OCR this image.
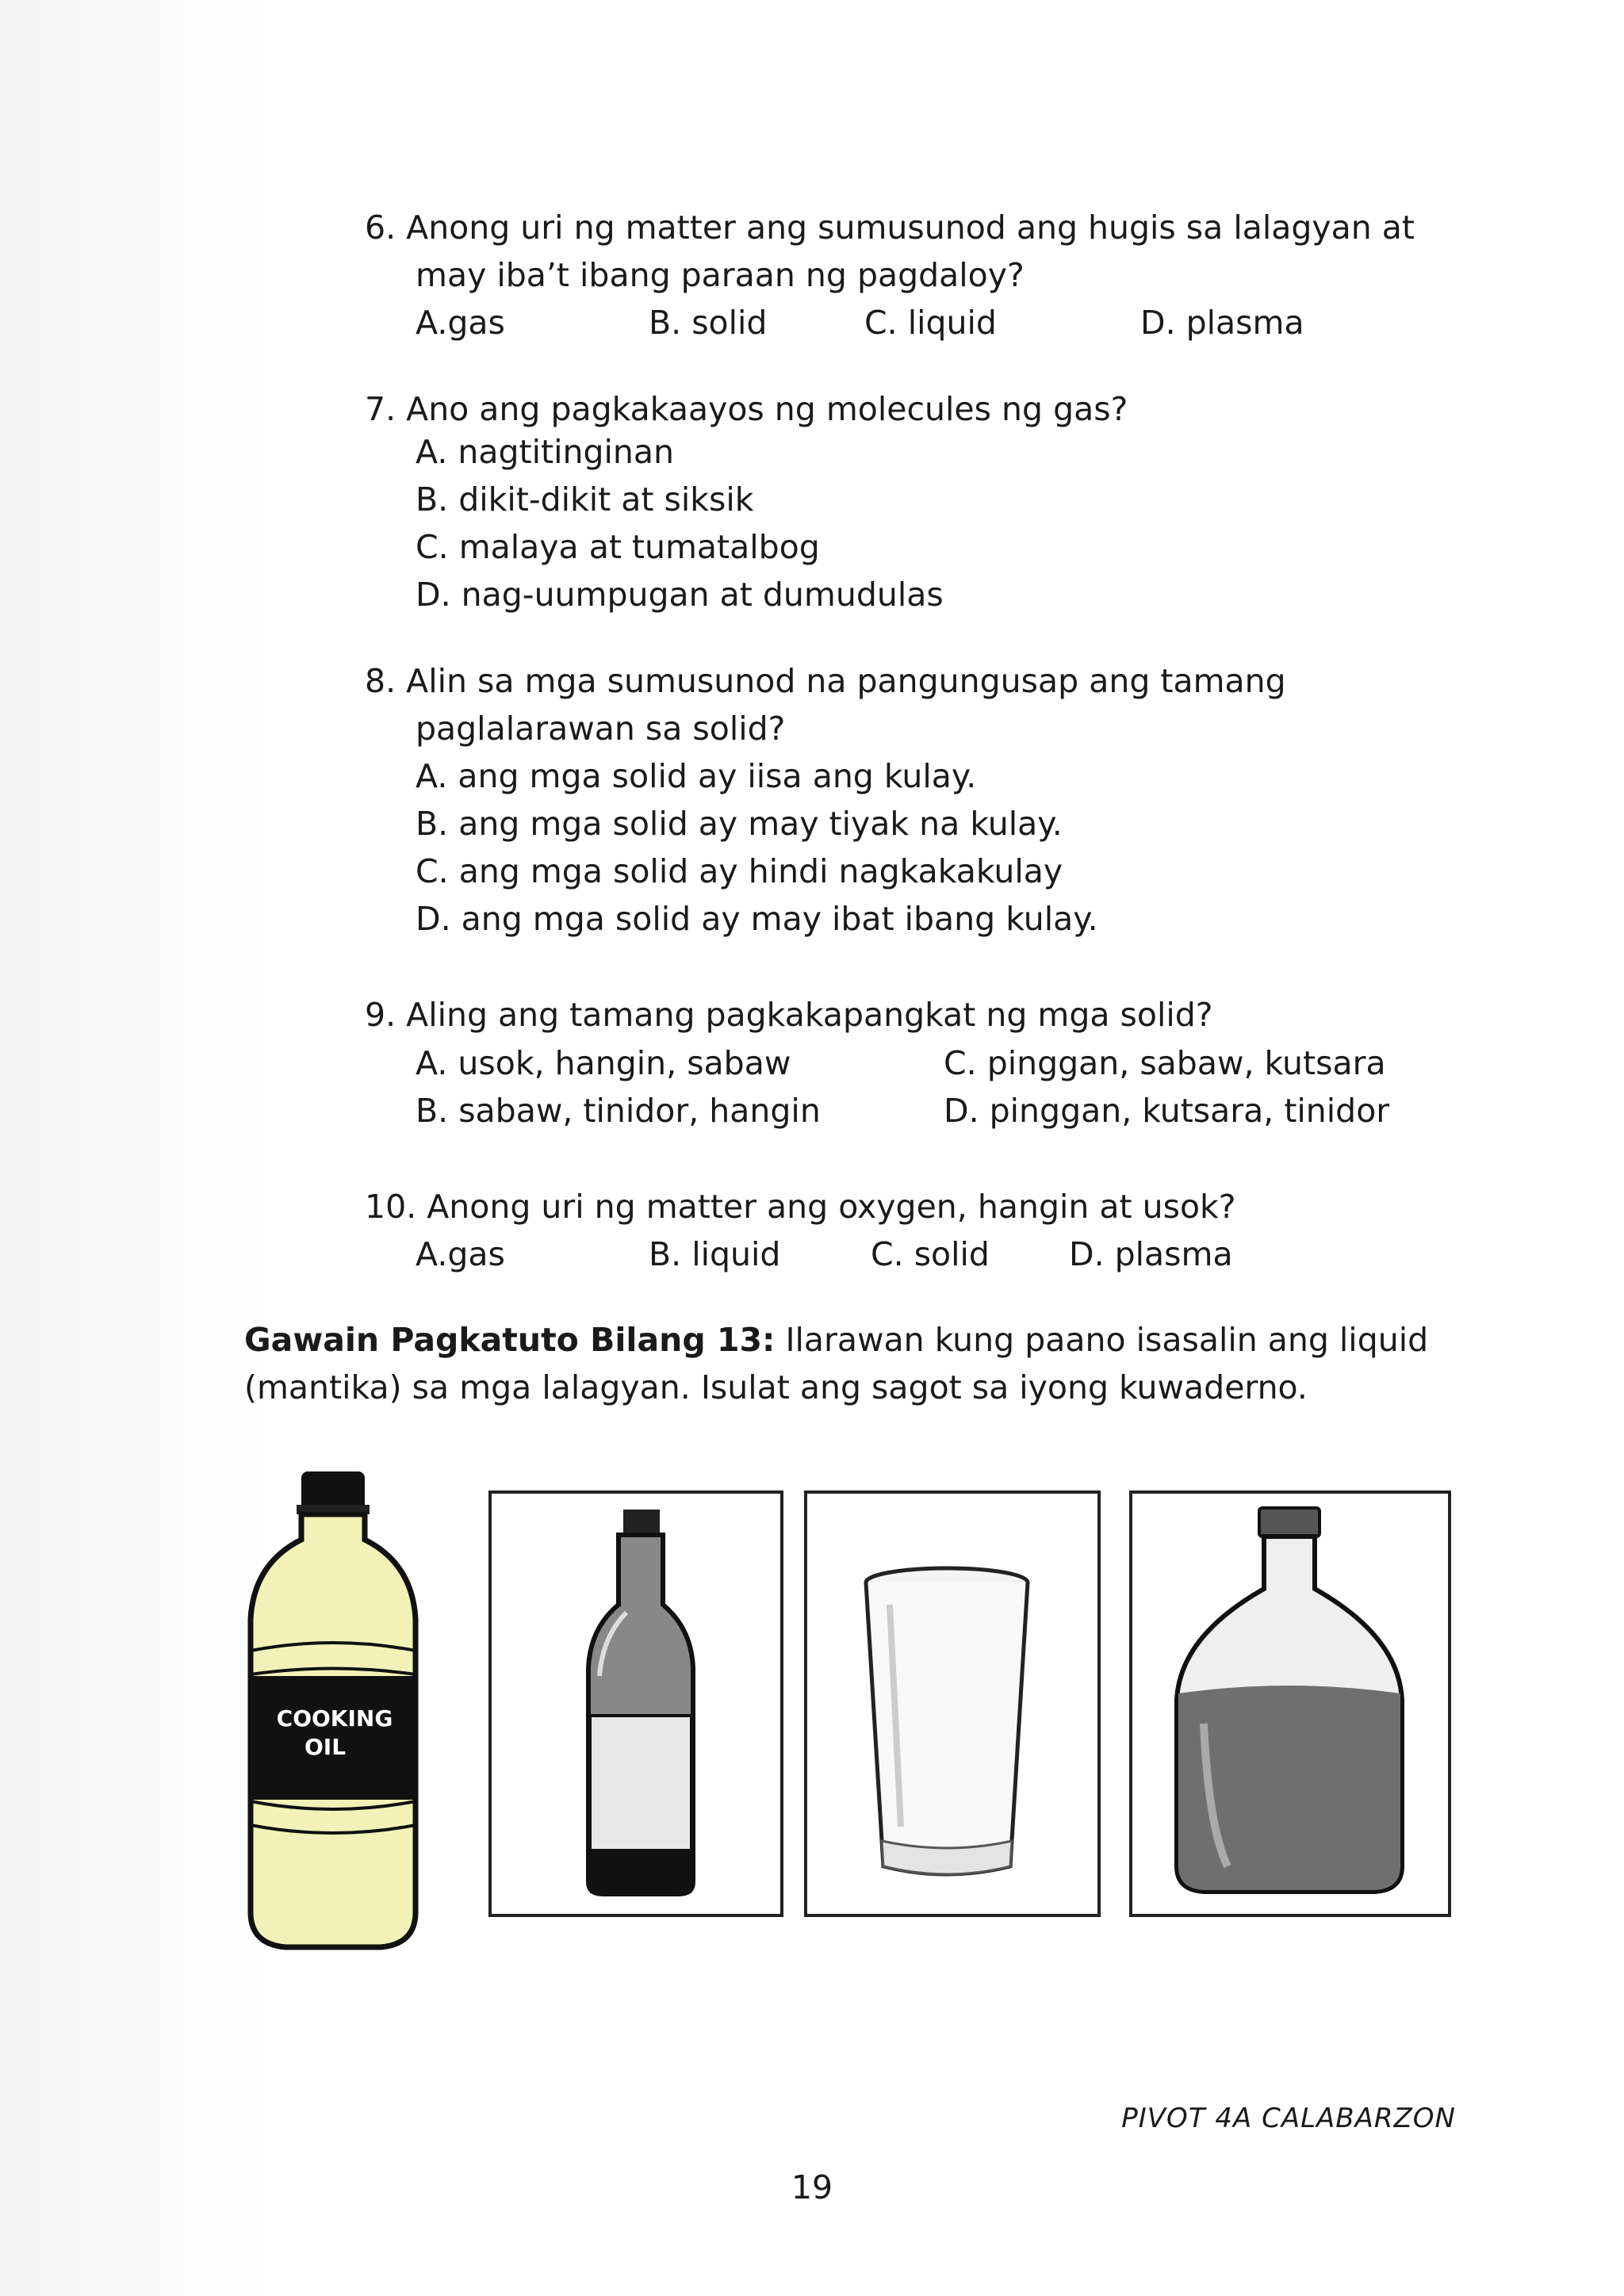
6. Anong uri ng matter ang sumusunod ang hugis sa lalagyan at
may iba’t ibang paraan ng pagdaloy?
A.gas	B. solid	C. liquid	D. plasma
7. Ano ang pagkakaayos ng molecules ng gas?
A. nagtitinginan
B. dikit-dikit at siksik
C. malaya at tumatalbog
D. nag-uumpugan at dumudulas
8. Alin sa mga sumusunod na pangungusap ang tamang
paglalarawan sa solid?
A. ang mga solid ay iisa ang kulay.
B. ang mga solid ay may tiyak na kulay.
C. ang mga solid ay hindi nagkakakulay
D. ang mga solid ay may ibat ibang kulay.
9. Aling ang tamang pagkakapangkat ng mga solid?
A. usok, hangin, sabaw	C. pinggan, sabaw, kutsara
B. sabaw, tinidor, hangin	D. pinggan, kutsara, tinidor
10. Anong uri ng matter ang oxygen, hangin at usok?
A.gas	B. liquid	C. solid D. plasma
Gawain Pagkatuto Bilang 13: Ilarawan kung paano isasalin ang liquid
(mantika) sa mga lalagyan. Isulat ang sagot sa iyong kuwaderno.
COOKING
OIL
PIVOT 4A CALABARZON
19
